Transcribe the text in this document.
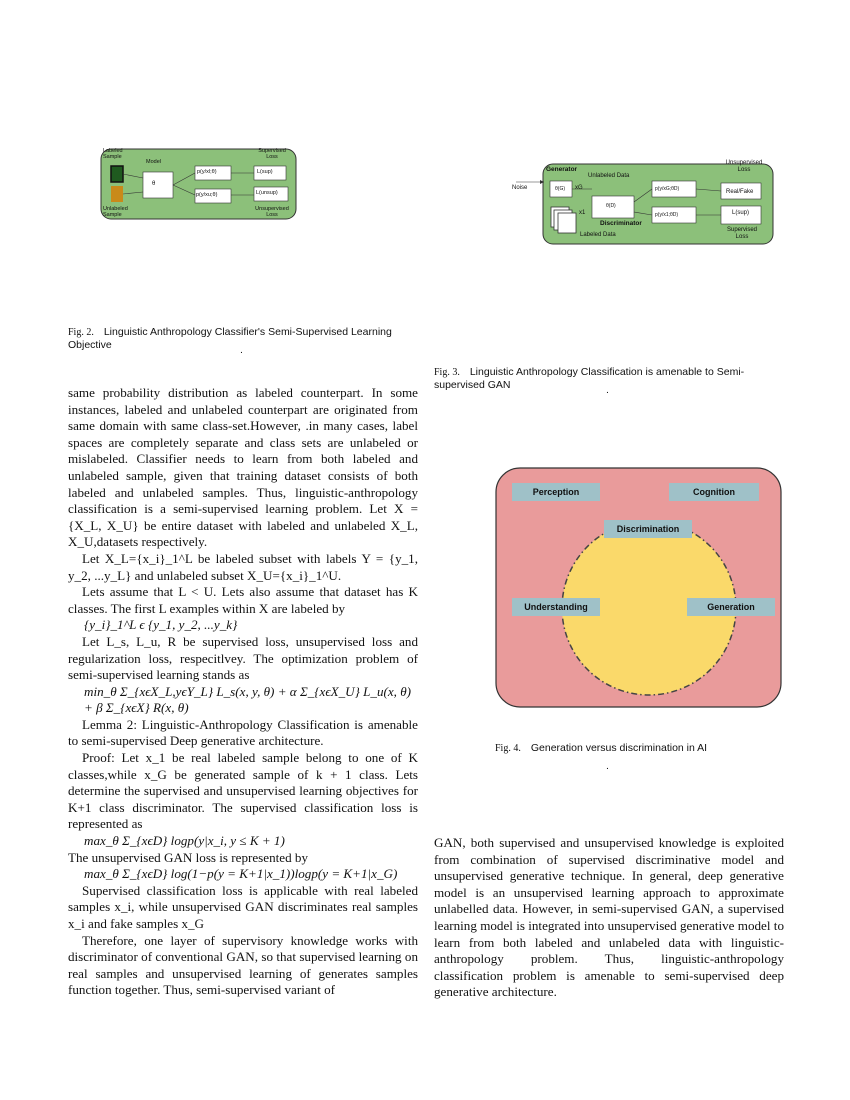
Labeled Sample
Unlabeled Sample
Model
θ
p(y/xl;θ)
p(y/xu;θ)
L(sup)
L(unsup)
Supervised Loss
Unsupervised Loss
Fig. 2. Linguistic Anthropology Classifier's Semi-Supervised Learning Objective	.
Generator
Noise	θ(G) xG
Unlabeled Data
θ(D)
Discriminator
x1
Labeled Data
p(y/xG;θD)
p(y/x1;θD)
Real/Fake
L(sup)
Unsupervised Loss
Supervised Loss
Fig. 3. Linguistic Anthropology Classification is amenable to Semi-supervised GAN	.
Perception	Cognition
Discrimination
Understanding	Generation
Fig. 4. Generation versus discrimination in AI
.

same probability distribution as labeled counterpart. In some instances, labeled and unlabeled counterpart are originated from same domain with same class-set.However, .in many cases, label spaces are completely separate and class sets are unlabeled or mislabeled. Classifier needs to learn from both labeled and unlabeled sample, given that training dataset consists of both labeled and unlabeled samples. Thus, linguistic-anthropology classification is a semi-supervised learning problem. Let X = {X_L, X_U} be entire dataset with labeled and unlabeled X_L, X_U,datasets respectively.

Let X_L={x_i}_1^L be labeled subset with labels Y = {y_1, y_2, ...y_L} and unlabeled subset X_U={x_i}_1^U.

Lets assume that L < U. Lets also assume that dataset has K classes. The first L examples within X are labeled by

{y_i}_1^L ϵ {y_1, y_2, ...y_k}

Let L_s, L_u, R be supervised loss, unsupervised loss and regularization loss, respecitlvey. The optimization problem of semi-supervised learning stands as

min_θ Σ_{xϵX_L,yϵY_L} L_s(x, y, θ) + α Σ_{xϵX_U} L_u(x, θ) + β Σ_{xϵX} R(x, θ)

Lemma 2: Linguistic-Anthropology Classification is amenable to semi-supervised Deep generative architecture.

Proof: Let x_1 be real labeled sample belong to one of K classes,while x_G be generated sample of k + 1 class. Lets determine the supervised and unsupervised learning objectives for K+1 class discriminator. The supervised classification loss is represented as

max_θ Σ_{xϵD} logp(y|x_i, y ≤ K + 1)

The unsupervised GAN loss is represented by

max_θ Σ_{xϵD} log(1−p(y = K+1|x_1))logp(y = K+1|x_G)

Supervised classification loss is applicable with real labeled samples x_i, while unsupervised GAN discriminates real samples x_i and fake samples x_G

Therefore, one layer of supervisory knowledge works with discriminator of conventional GAN, so that supervised learning on real samples and unsupervised learning of generates samples function together. Thus, semi-supervised variant of

GAN, both supervised and unsupervised knowledge is exploited from combination of supervised discriminative model and unsupervised generative technique. In general, deep generative model is an unsupervised learning approach to approximate unlabelled data. However, in semi-supervised GAN, a supervised learning model is integrated into unsupervised generative model to learn from both labeled and unlabeled data with linguistic-anthropology problem. Thus, linguistic-anthropology classification problem is amenable to semi-supervised deep generative architecture.
